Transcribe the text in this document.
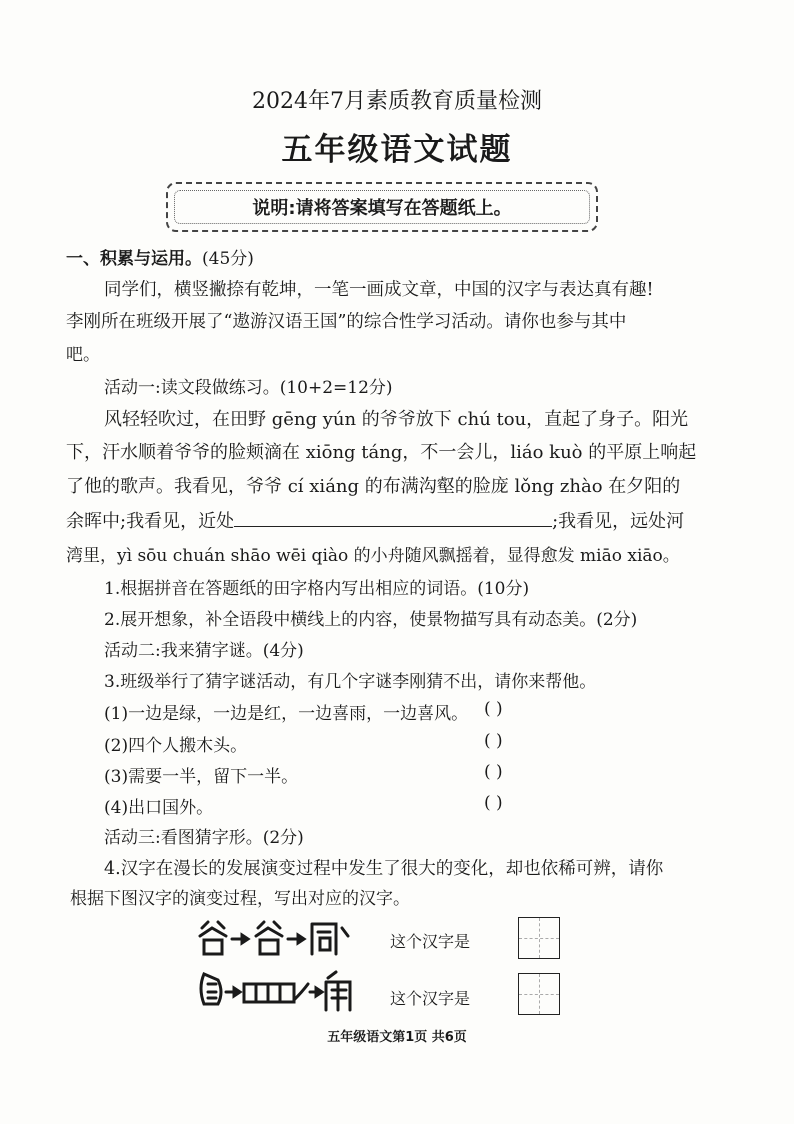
2024年7月素质教育质量检测
五年级语文试题
说明:请将答案填写在答题纸上。
一、积累与运用。(45分)
同学们，横竖撇捺有乾坤，一笔一画成文章，中国的汉字与表达真有趣!
李刚所在班级开展了“遨游汉语王国”的综合性学习活动。请你也参与其中
吧。
活动一:读文段做练习。(10+2=12分)
风轻轻吹过，在田野 gēng yún 的爷爷放下 chú tou，直起了身子。阳光
下，汗水顺着爷爷的脸颊滴在 xiōng táng，不一会儿，liáo kuò 的平原上响起
了他的歌声。我看见，爷爷 cí xiáng 的布满沟壑的脸庞 lǒng zhào 在夕阳的
余晖中;我看见，近处	;我看见，远处河
湾里，yì sōu chuán shāo wēi qiào 的小舟随风飘摇着，显得愈发 miāo xiāo。
1.根据拼音在答题纸的田字格内写出相应的词语。(10分)
2.展开想象，补全语段中横线上的内容，使景物描写具有动态美。(2分)
活动二:我来猜字谜。(4分)
3.班级举行了猜字谜活动，有几个字谜李刚猜不出，请你来帮他。
(1)一边是绿，一边是红，一边喜雨，一边喜风。 ( )
(2)四个人搬木头。	( )
(3)需要一半，留下一半。	( )
(4)出口国外。	( )
活动三:看图猜字形。(2分)
4.汉字在漫长的发展演变过程中发生了很大的变化，却也依稀可辨，请你
根据下图汉字的演变过程，写出对应的汉字。
这个汉字是
这个汉字是
五年级语文第1页 共6页
